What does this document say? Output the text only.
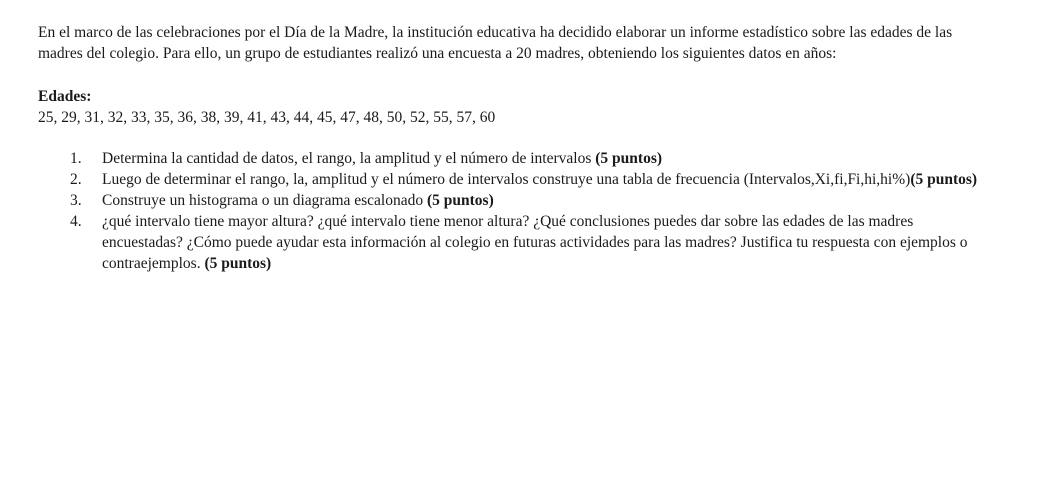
En el marco de las celebraciones por el Día de la Madre, la institución educativa ha decidido elaborar un informe estadístico sobre las edades de las madres del colegio. Para ello, un grupo de estudiantes realizó una encuesta a 20 madres, obteniendo los siguientes datos en años:

Edades:

25, 29, 31, 32, 33, 35, 36, 38, 39, 41, 43, 44, 45, 47, 48, 50, 52, 55, 57, 60

1. Determina la cantidad de datos, el rango, la amplitud y el número de intervalos (5 puntos)
2. Luego de determinar el rango, la, amplitud y el número de intervalos construye una tabla de frecuencia (Intervalos,Xi,fi,Fi,hi,hi%)(5 puntos)
3. Construye un histograma o un diagrama escalonado (5 puntos)
4. ¿qué intervalo tiene mayor altura? ¿qué intervalo tiene menor altura? ¿Qué conclusiones puedes dar sobre las edades de las madres encuestadas? ¿Cómo puede ayudar esta información al colegio en futuras actividades para las madres? Justifica tu respuesta con ejemplos o contraejemplos. (5 puntos)
